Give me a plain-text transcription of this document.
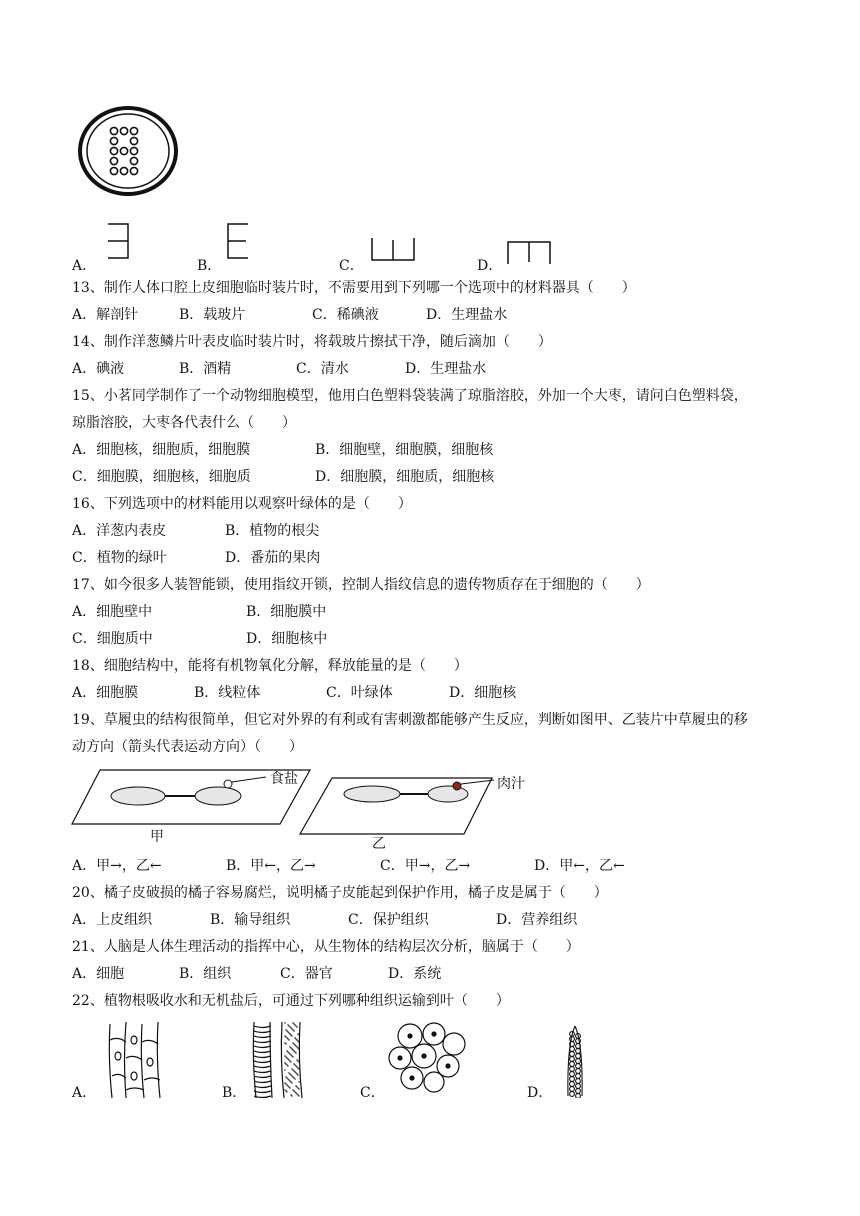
A．	B．	C．	D．
13、制作人体口腔上皮细胞临时装片时，不需要用到下列哪一个选项中的材料器具（　　）
A．解剖针	B．载玻片	C．稀碘液	D．生理盐水
14、制作洋葱鳞片叶表皮临时装片时，将载玻片擦拭干净，随后滴加（　　）
A．碘液	B．酒精	C．清水	D．生理盐水
15、小茗同学制作了一个动物细胞模型，他用白色塑料袋装满了琼脂溶胶，外加一个大枣，请问白色塑料袋，
琼脂溶胶，大枣各代表什么（　　）
A．细胞核，细胞质，细胞膜	B．细胞壁，细胞膜，细胞核
C．细胞膜，细胞核，细胞质	D．细胞膜，细胞质，细胞核
16、下列选项中的材料能用以观察叶绿体的是（　　）
A．洋葱内表皮	B．植物的根尖
C．植物的绿叶	D．番茄的果肉
17、如今很多人装智能锁，使用指纹开锁，控制人指纹信息的遗传物质存在于细胞的（　　）
A．细胞壁中	B．细胞膜中
C．细胞质中	D．细胞核中
18、细胞结构中，能将有机物氧化分解，释放能量的是（　　）
A．细胞膜	B．线粒体	C．叶绿体	D．细胞核
19、草履虫的结构很简单，但它对外界的有利或有害刺激都能够产生反应，判断如图甲、乙装片中草履虫的移
动方向（箭头代表运动方向）（　　）
食盐	肉汁
甲	乙
A．甲→，乙←	B．甲←，乙→	C．甲→，乙→	D．甲←，乙←
20、橘子皮破损的橘子容易腐烂，说明橘子皮能起到保护作用，橘子皮是属于（　　）
A．上皮组织	B．输导组织	C．保护组织	D．营养组织
21、人脑是人体生理活动的指挥中心，从生物体的结构层次分析，脑属于（　　）
A．细胞	B．组织	C．器官	D．系统
22、植物根吸收水和无机盐后，可通过下列哪种组织运输到叶（　　）
A．	B．	C．	D．
